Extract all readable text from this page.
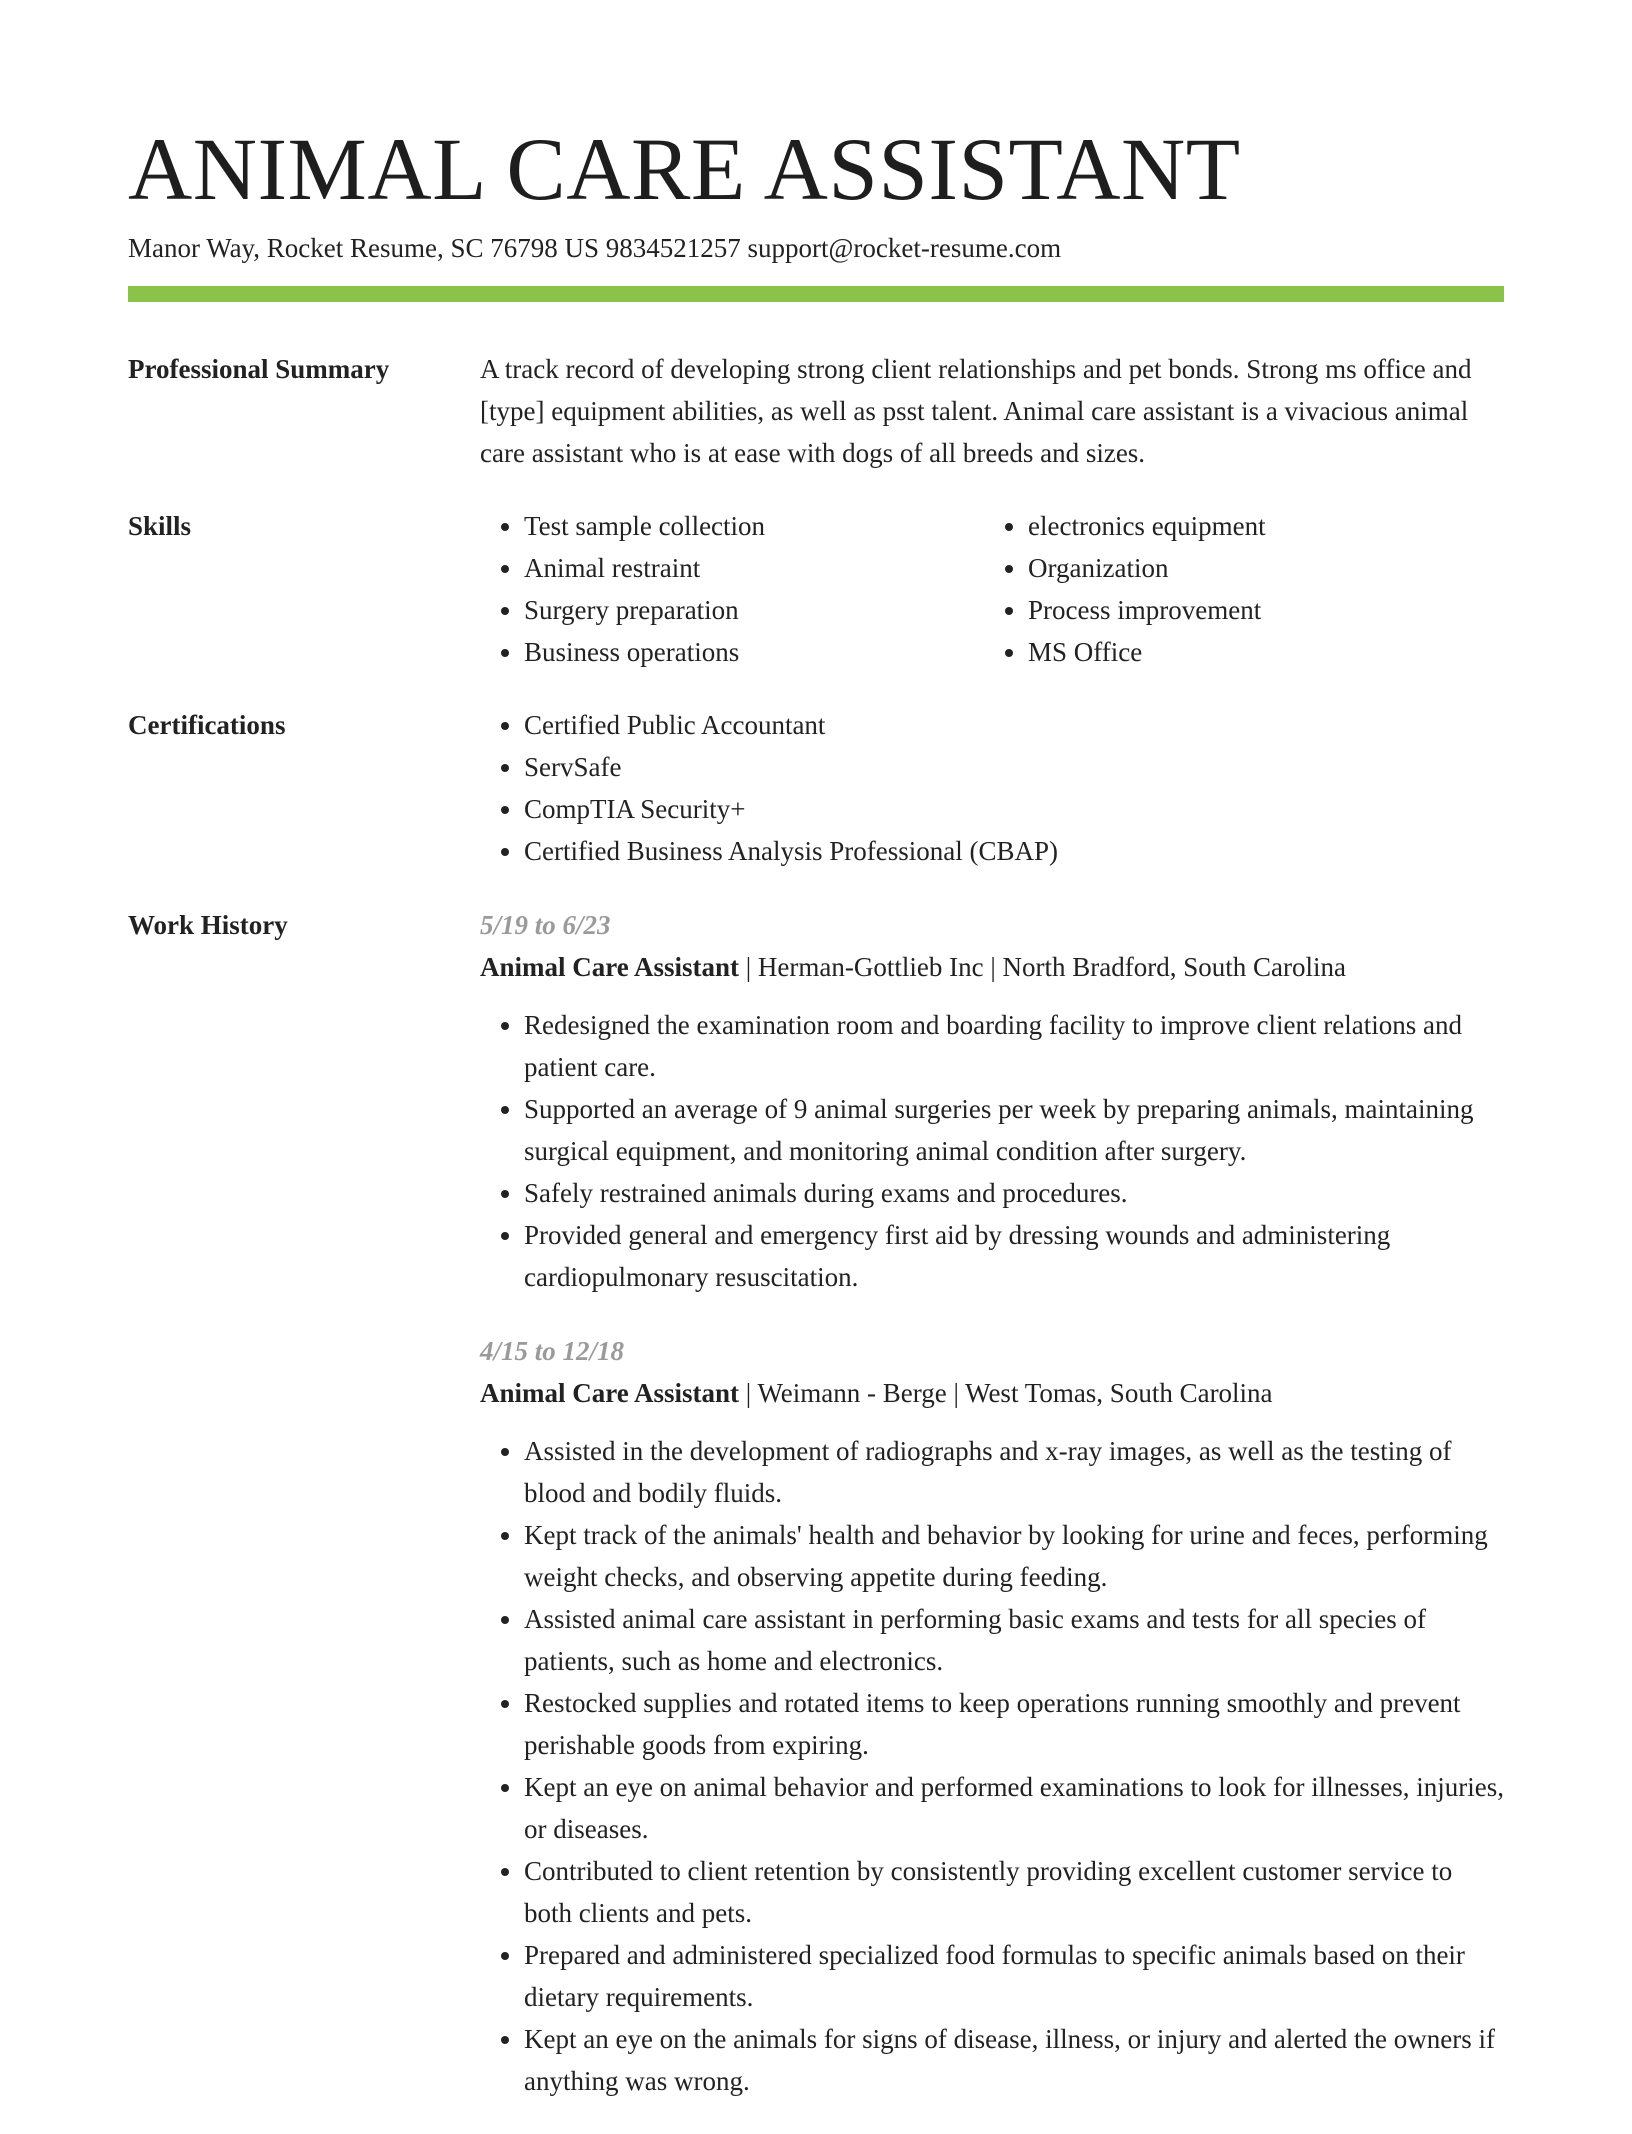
ANIMAL CARE ASSISTANT
Manor Way, Rocket Resume, SC 76798 US 9834521257 support@rocket-resume.com
Professional Summary	A track record of developing strong client relationships and pet bonds. Strong ms office and [type] equipment abilities, as well as psst talent. Animal care assistant is a vivacious animal care assistant who is at ease with dogs of all breeds and sizes.

Skills	• Test sample collection
• Animal restraint
• Surgery preparation
• Business operations
• electronics equipment
• Organization
• Process improvement
• MS Office
Certifications	• Certified Public Accountant
• ServSafe
• CompTIA Security+
• Certified Business Analysis Professional (CBAP)
Work History	5/19 to 6/23
Animal Care Assistant | Herman-Gottlieb Inc | North Bradford, South Carolina
• Redesigned the examination room and boarding facility to improve client relations and patient care.
• Supported an average of 9 animal surgeries per week by preparing animals, maintaining surgical equipment, and monitoring animal condition after surgery.
• Safely restrained animals during exams and procedures.
• Provided general and emergency first aid by dressing wounds and administering cardiopulmonary resuscitation.
4/15 to 12/18
Animal Care Assistant | Weimann - Berge | West Tomas, South Carolina
• Assisted in the development of radiographs and x-ray images, as well as the testing of blood and bodily fluids.
• Kept track of the animals' health and behavior by looking for urine and feces, performing weight checks, and observing appetite during feeding.
• Assisted animal care assistant in performing basic exams and tests for all species of patients, such as home and electronics.
• Restocked supplies and rotated items to keep operations running smoothly and prevent perishable goods from expiring.
• Kept an eye on animal behavior and performed examinations to look for illnesses, injuries, or diseases.
• Contributed to client retention by consistently providing excellent customer service to both clients and pets.
• Prepared and administered specialized food formulas to specific animals based on their dietary requirements.
• Kept an eye on the animals for signs of disease, illness, or injury and alerted the owners if anything was wrong.
